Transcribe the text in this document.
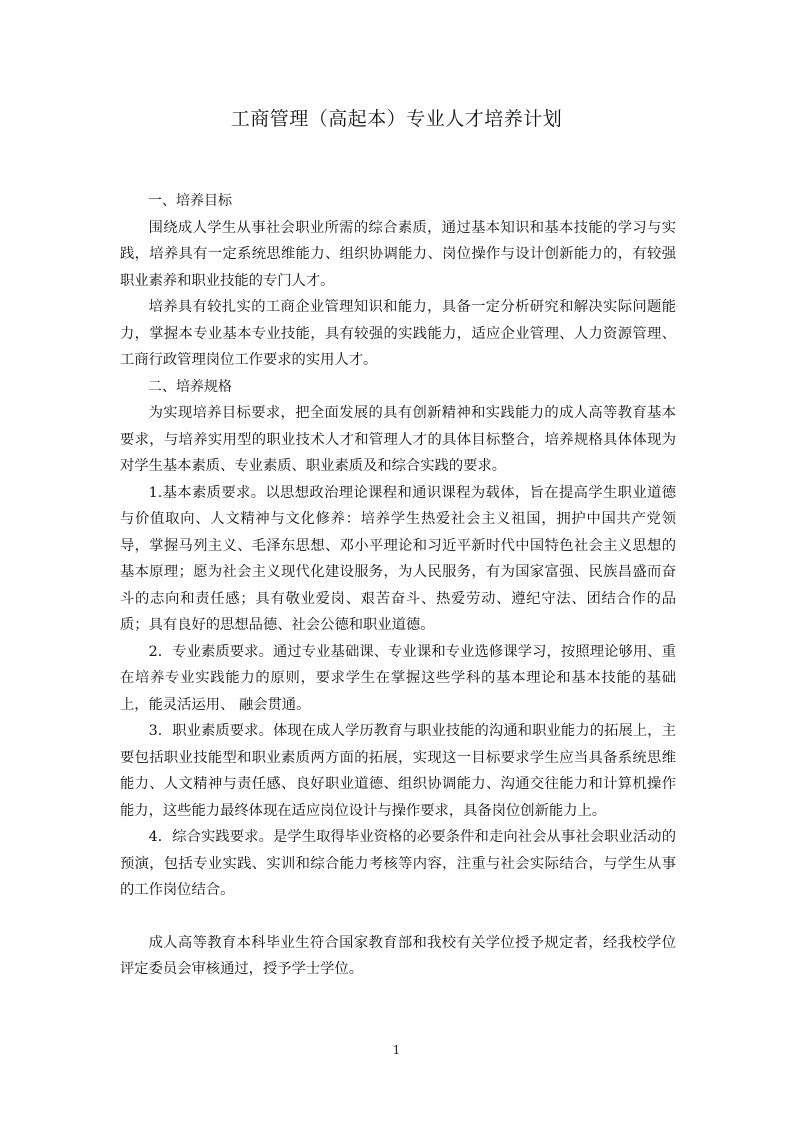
工商管理（高起本）专业人才培养计划

一、培养目标

围绕成人学生从事社会职业所需的综合素质，通过基本知识和基本技能的学习与实践，培养具有一定系统思维能力、组织协调能力、岗位操作与设计创新能力的，有较强职业素养和职业技能的专门人才。

培养具有较扎实的工商企业管理知识和能力，具备一定分析研究和解决实际问题能力，掌握本专业基本专业技能，具有较强的实践能力，适应企业管理、人力资源管理、工商行政管理岗位工作要求的实用人才。

二、培养规格

为实现培养目标要求，把全面发展的具有创新精神和实践能力的成人高等教育基本要求，与培养实用型的职业技术人才和管理人才的具体目标整合，培养规格具体体现为对学生基本素质、专业素质、职业素质及和综合实践的要求。

1.基本素质要求。以思想政治理论课程和通识课程为载体，旨在提高学生职业道德与价值取向、人文精神与文化修养：培养学生热爱社会主义祖国，拥护中国共产党领导，掌握马列主义、毛泽东思想、邓小平理论和习近平新时代中国特色社会主义思想的基本原理；愿为社会主义现代化建设服务，为人民服务，有为国家富强、民族昌盛而奋斗的志向和责任感；具有敬业爱岗、艰苦奋斗、热爱劳动、遵纪守法、团结合作的品质；具有良好的思想品德、社会公德和职业道德。

2．专业素质要求。通过专业基础课、专业课和专业选修课学习，按照理论够用、重在培养专业实践能力的原则，要求学生在掌握这些学科的基本理论和基本技能的基础上，能灵活运用、 融会贯通。

3．职业素质要求。体现在成人学历教育与职业技能的沟通和职业能力的拓展上，主要包括职业技能型和职业素质两方面的拓展，实现这一目标要求学生应当具备系统思维能力、人文精神与责任感、良好职业道德、组织协调能力、沟通交往能力和计算机操作能力，这些能力最终体现在适应岗位设计与操作要求，具备岗位创新能力上。

4．综合实践要求。是学生取得毕业资格的必要条件和走向社会从事社会职业活动的预演，包括专业实践、实训和综合能力考核等内容，注重与社会实际结合，与学生从事的工作岗位结合。

成人高等教育本科毕业生符合国家教育部和我校有关学位授予规定者，经我校学位评定委员会审核通过，授予学士学位。

1
